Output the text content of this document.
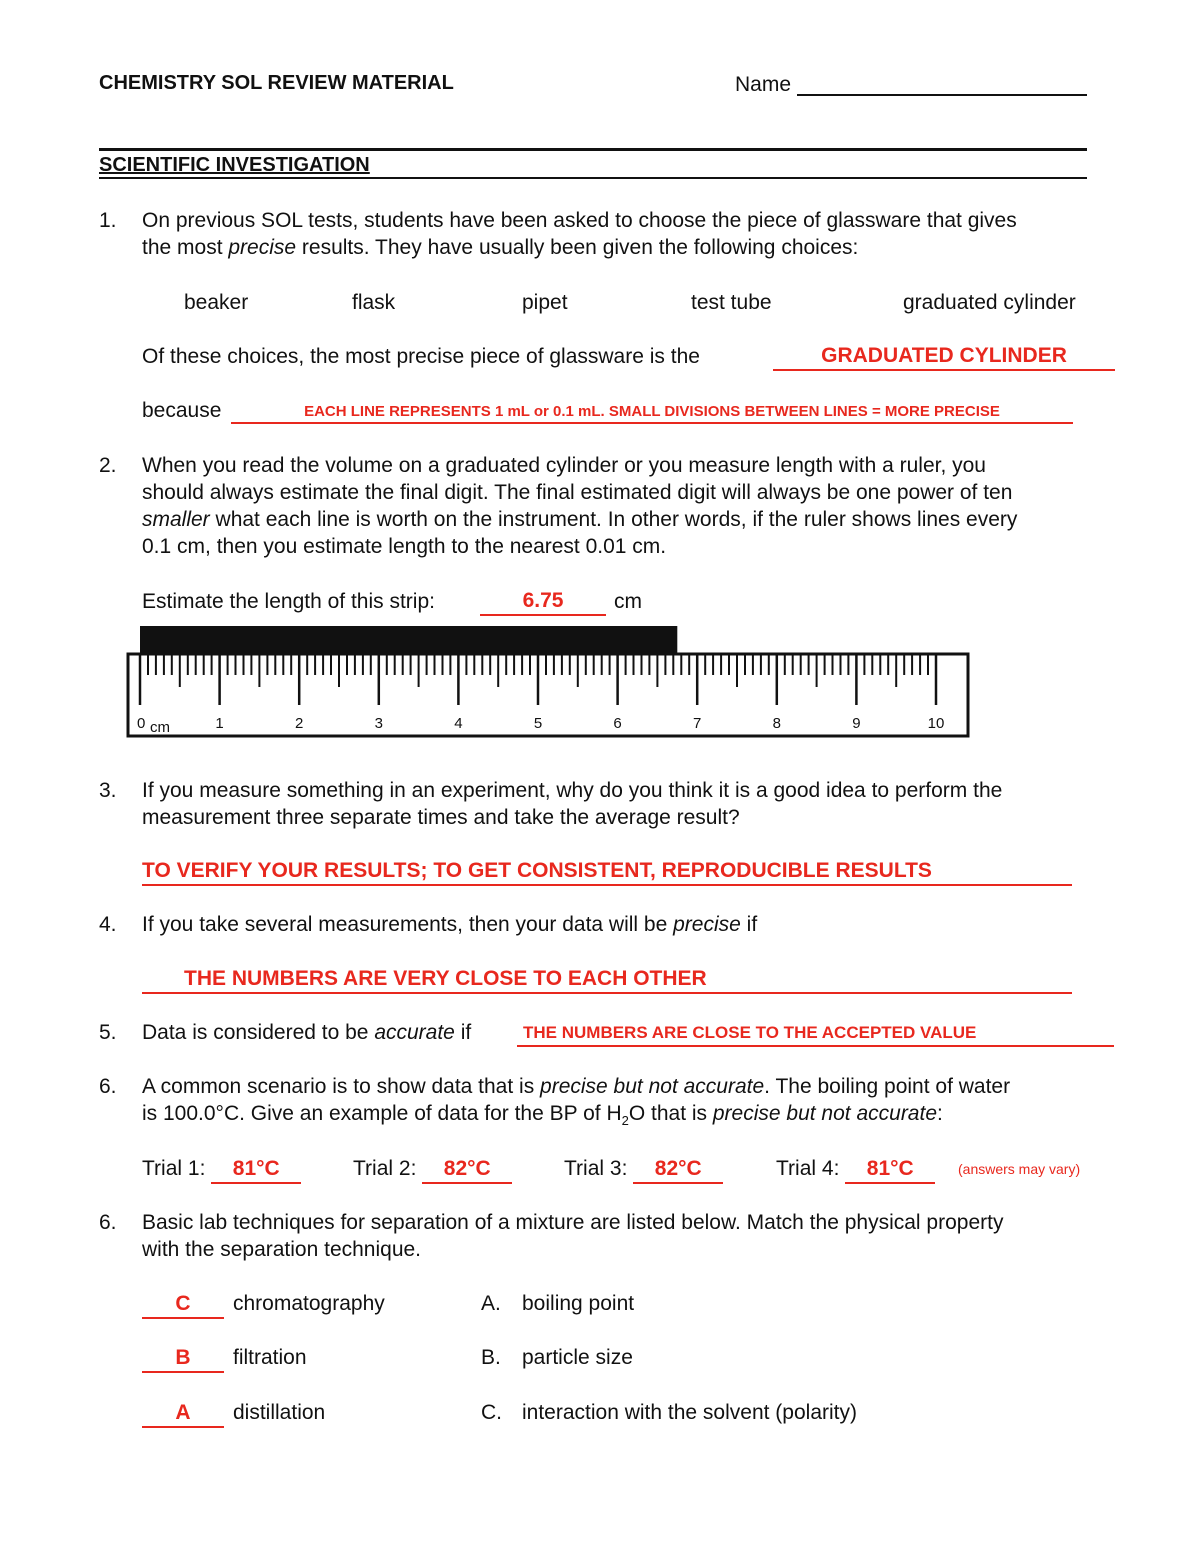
CHEMISTRY SOL REVIEW MATERIAL	Name
SCIENTIFIC INVESTIGATION
1. On previous SOL tests, students have been asked to choose the piece of glassware that gives
the most precise results. They have usually been given the following choices:
beaker	flask	pipet	test tube	graduated cylinder
Of these choices, the most precise piece of glassware is the	GRADUATED CYLINDER
because	EACH LINE REPRESENTS 1 mL or 0.1 mL. SMALL DIVISIONS BETWEEN LINES = MORE PRECISE
2. When you read the volume on a graduated cylinder or you measure length with a ruler, you
should always estimate the final digit. The final estimated digit will always be one power of ten
smaller what each line is worth on the instrument. In other words, if the ruler shows lines every
0.1 cm, then you estimate length to the nearest 0.01 cm.
Estimate the length of this strip:	6.75	cm
0	1	2	3	4	5	6	7	8	9	10
cm
3. If you measure something in an experiment, why do you think it is a good idea to perform the
measurement three separate times and take the average result?
TO VERIFY YOUR RESULTS; TO GET CONSISTENT, REPRODUCIBLE RESULTS
4. If you take several measurements, then your data will be precise if
THE NUMBERS ARE VERY CLOSE TO EACH OTHER
5. Data is considered to be accurate if	THE NUMBERS ARE CLOSE TO THE ACCEPTED VALUE
6. A common scenario is to show data that is precise but not accurate. The boiling point of water
is 100.0°C. Give an example of data for the BP of $H_2O$ that is precise but not accurate:
Trial 1: 81°C	Trial 2: 82°C	Trial 3: 82°C	Trial 4: 81°C	(answers may vary)
6. Basic lab techniques for separation of a mixture are listed below. Match the physical property
with the separation technique.
C	chromatography	A. boiling point
B	filtration	B. particle size
A	distillation	C. interaction with the solvent (polarity)
